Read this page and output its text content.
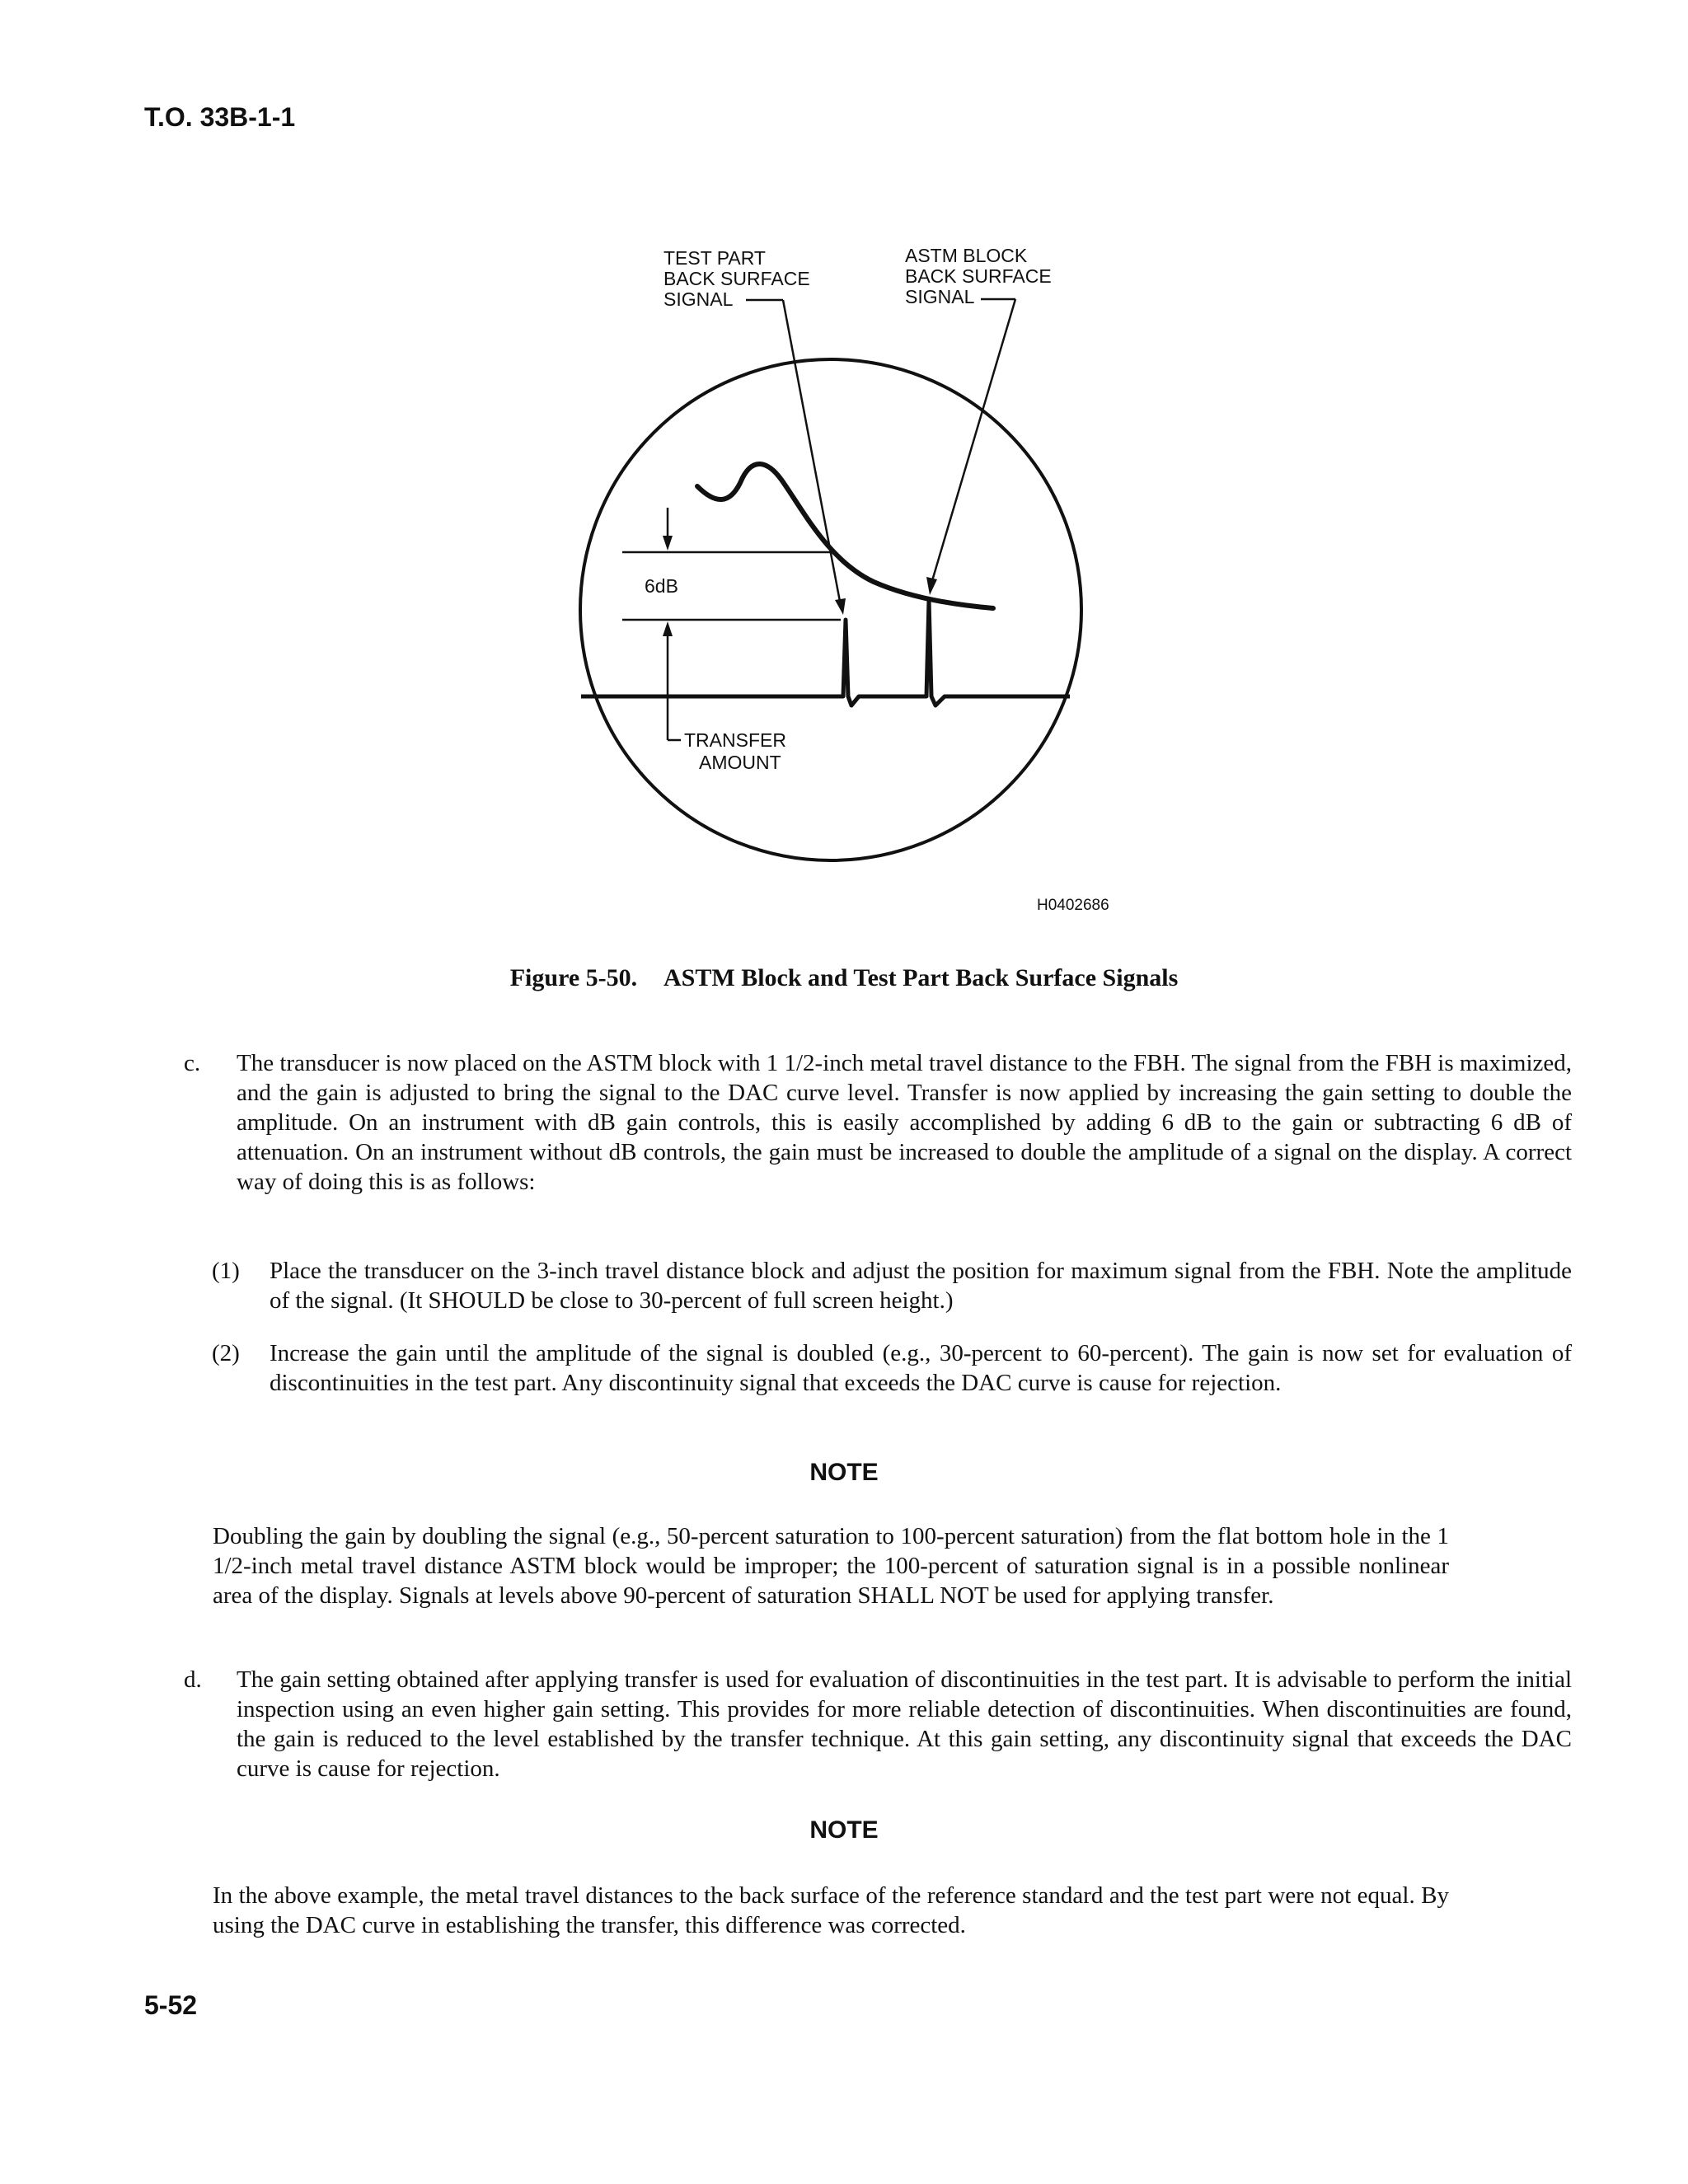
T.O. 33B-1-1
TEST PART
BACK SURFACE
SIGNAL
ASTM BLOCK
BACK SURFACE
SIGNAL
6dB
TRANSFER
AMOUNT
H0402686
Figure 5-50. ASTM Block and Test Part Back Surface Signals
c. The transducer is now placed on the ASTM block with 1 1/2-inch metal travel distance to the FBH. The signal from the FBH is maximized, and the gain is adjusted to bring the signal to the DAC curve level. Transfer is now applied by increasing the gain setting to double the amplitude. On an instrument with dB gain controls, this is easily accomplished by adding 6 dB to the gain or subtracting 6 dB of attenuation. On an instrument without dB controls, the gain must be increased to double the amplitude of a signal on the display. A correct way of doing this is as follows:
(1) Place the transducer on the 3-inch travel distance block and adjust the position for maximum signal from the FBH. Note the amplitude of the signal. (It SHOULD be close to 30-percent of full screen height.)
(2) Increase the gain until the amplitude of the signal is doubled (e.g., 30-percent to 60-percent). The gain is now set for evaluation of discontinuities in the test part. Any discontinuity signal that exceeds the DAC curve is cause for rejection.
NOTE
Doubling the gain by doubling the signal (e.g., 50-percent saturation to 100-percent saturation) from the flat bottom hole in the 1 1/2-inch metal travel distance ASTM block would be improper; the 100-percent of saturation signal is in a possible nonlinear area of the display. Signals at levels above 90-percent of saturation SHALL NOT be used for applying transfer.
d. The gain setting obtained after applying transfer is used for evaluation of discontinuities in the test part. It is advisable to perform the initial inspection using an even higher gain setting. This provides for more reliable detection of discontinuities. When discontinuities are found, the gain is reduced to the level established by the transfer technique. At this gain setting, any discontinuity signal that exceeds the DAC curve is cause for rejection.
NOTE
In the above example, the metal travel distances to the back surface of the reference standard and the test part were not equal. By using the DAC curve in establishing the transfer, this difference was corrected.
5-52
